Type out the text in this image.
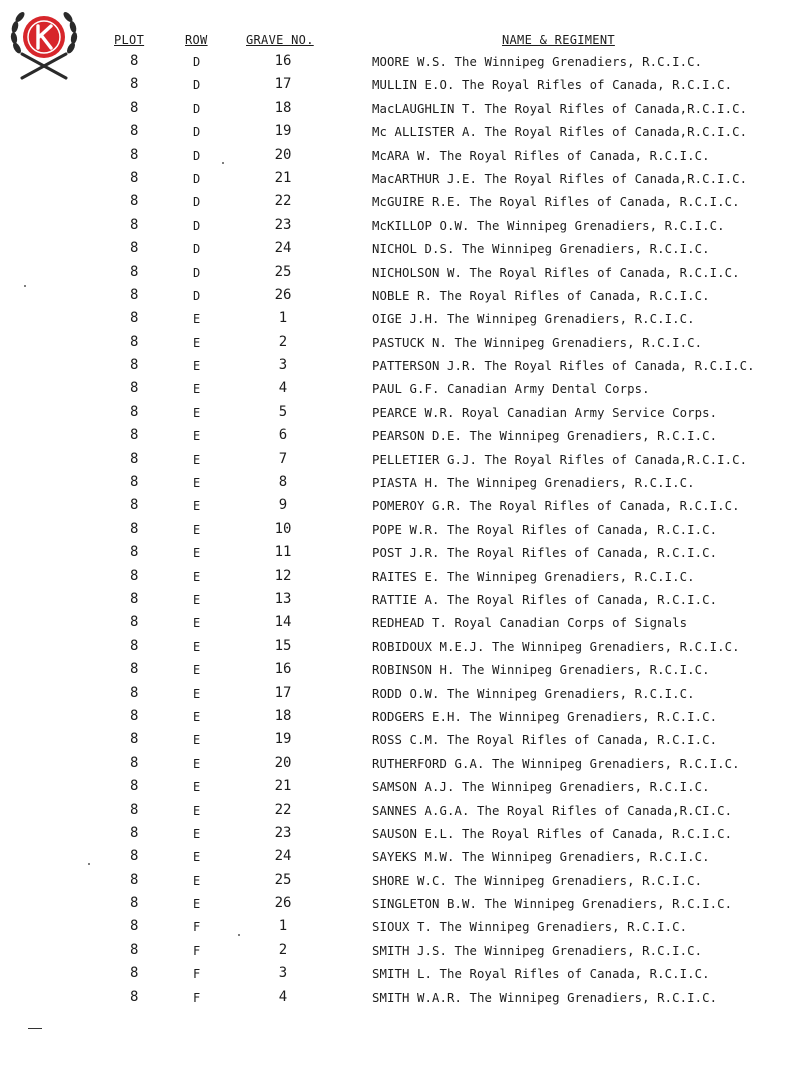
PLOT	ROW	GRAVE NO.	NAME & REGIMENT
8	D	16	MOORE W.S. The Winnipeg Grenadiers, R.C.I.C.
8	D	17	MULLIN E.O. The Royal Rifles of Canada, R.C.I.C.
8	D	18	MacLAUGHLIN T. The Royal Rifles of Canada,R.C.I.C.
8	D	19	Mc ALLISTER A. The Royal Rifles of Canada,R.C.I.C.
8	D	20	McARA W. The Royal Rifles of Canada, R.C.I.C.
8	D	21	MacARTHUR J.E. The Royal Rifles of Canada,R.C.I.C.
8	D	22	McGUIRE R.E. The Royal Rifles of Canada, R.C.I.C.
8	D	23	McKILLOP O.W. The Winnipeg Grenadiers, R.C.I.C.
8	D	24	NICHOL D.S. The Winnipeg Grenadiers, R.C.I.C.
8	D	25	NICHOLSON W. The Royal Rifles of Canada, R.C.I.C.
8	D	26	NOBLE R. The Royal Rifles of Canada, R.C.I.C.
8	E	1	OIGE J.H. The Winnipeg Grenadiers, R.C.I.C.
8	E	2	PASTUCK N. The Winnipeg Grenadiers, R.C.I.C.
8	E	3	PATTERSON J.R. The Royal Rifles of Canada, R.C.I.C.
8	E	4	PAUL G.F. Canadian Army Dental Corps.
8	E	5	PEARCE W.R. Royal Canadian Army Service Corps.
8	E	6	PEARSON D.E. The Winnipeg Grenadiers, R.C.I.C.
8	E	7	PELLETIER G.J. The Royal Rifles of Canada,R.C.I.C.
8	E	8	PIASTA H. The Winnipeg Grenadiers, R.C.I.C.
8	E	9	POMEROY G.R. The Royal Rifles of Canada, R.C.I.C.
8	E	10	POPE W.R. The Royal Rifles of Canada, R.C.I.C.
8	E	11	POST J.R. The Royal Rifles of Canada, R.C.I.C.
8	E	12	RAITES E. The Winnipeg Grenadiers, R.C.I.C.
8	E	13	RATTIE A. The Royal Rifles of Canada, R.C.I.C.
8	E	14	REDHEAD T. Royal Canadian Corps of Signals
8	E	15	ROBIDOUX M.E.J. The Winnipeg Grenadiers, R.C.I.C.
8	E	16	ROBINSON H. The Winnipeg Grenadiers, R.C.I.C.
8	E	17	RODD O.W. The Winnipeg Grenadiers, R.C.I.C.
8	E	18	RODGERS E.H. The Winnipeg Grenadiers, R.C.I.C.
8	E	19	ROSS C.M. The Royal Rifles of Canada, R.C.I.C.
8	E	20	RUTHERFORD G.A. The Winnipeg Grenadiers, R.C.I.C.
8	E	21	SAMSON A.J. The Winnipeg Grenadiers, R.C.I.C.
8	E	22	SANNES A.G.A. The Royal Rifles of Canada,R.CI.C.
8	E	23	SAUSON E.L. The Royal Rifles of Canada, R.C.I.C.
8	E	24	SAYEKS M.W. The Winnipeg Grenadiers, R.C.I.C.
8	E	25	SHORE W.C. The Winnipeg Grenadiers, R.C.I.C.
8	E	26	SINGLETON B.W. The Winnipeg Grenadiers, R.C.I.C.
8	F	1	SIOUX T. The Winnipeg Grenadiers, R.C.I.C.
8	F	2	SMITH J.S. The Winnipeg Grenadiers, R.C.I.C.
8	F	3	SMITH L. The Royal Rifles of Canada, R.C.I.C.
8	F	4	SMITH W.A.R. The Winnipeg Grenadiers, R.C.I.C.
